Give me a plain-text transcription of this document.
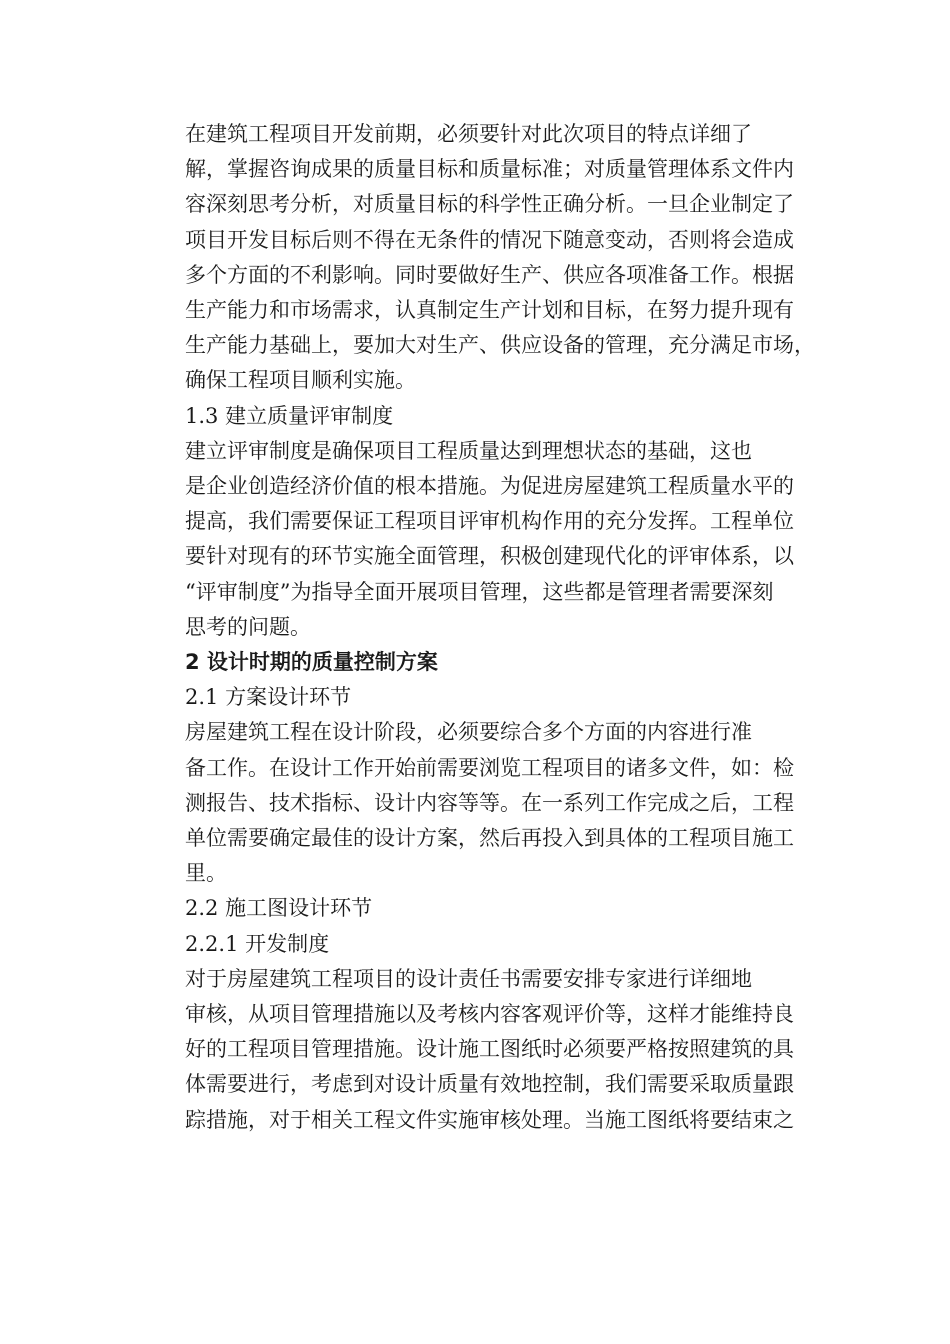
在建筑工程项目开发前期，必须要针对此次项目的特点详细了
解，掌握咨询成果的质量目标和质量标准；对质量管理体系文件内
容深刻思考分析，对质量目标的科学性正确分析。一旦企业制定了
项目开发目标后则不得在无条件的情况下随意变动，否则将会造成
多个方面的不利影响。同时要做好生产、供应各项准备工作。根据
生产能力和市场需求，认真制定生产计划和目标，在努力提升现有
生产能力基础上，要加大对生产、供应设备的管理，充分满足市场，
确保工程项目顺利实施。
1.3 建立质量评审制度
建立评审制度是确保项目工程质量达到理想状态的基础，这也
是企业创造经济价值的根本措施。为促进房屋建筑工程质量水平的
提高，我们需要保证工程项目评审机构作用的充分发挥。工程单位
要针对现有的环节实施全面管理，积极创建现代化的评审体系，以
“评审制度”为指导全面开展项目管理，这些都是管理者需要深刻
思考的问题。
2 设计时期的质量控制方案
2.1 方案设计环节
房屋建筑工程在设计阶段，必须要综合多个方面的内容进行准
备工作。在设计工作开始前需要浏览工程项目的诸多文件，如：检
测报告、技术指标、设计内容等等。在一系列工作完成之后，工程
单位需要确定最佳的设计方案，然后再投入到具体的工程项目施工
里。
2.2 施工图设计环节
2.2.1 开发制度
对于房屋建筑工程项目的设计责任书需要安排专家进行详细地
审核，从项目管理措施以及考核内容客观评价等，这样才能维持良
好的工程项目管理措施。设计施工图纸时必须要严格按照建筑的具
体需要进行，考虑到对设计质量有效地控制，我们需要采取质量跟
踪措施，对于相关工程文件实施审核处理。当施工图纸将要结束之
